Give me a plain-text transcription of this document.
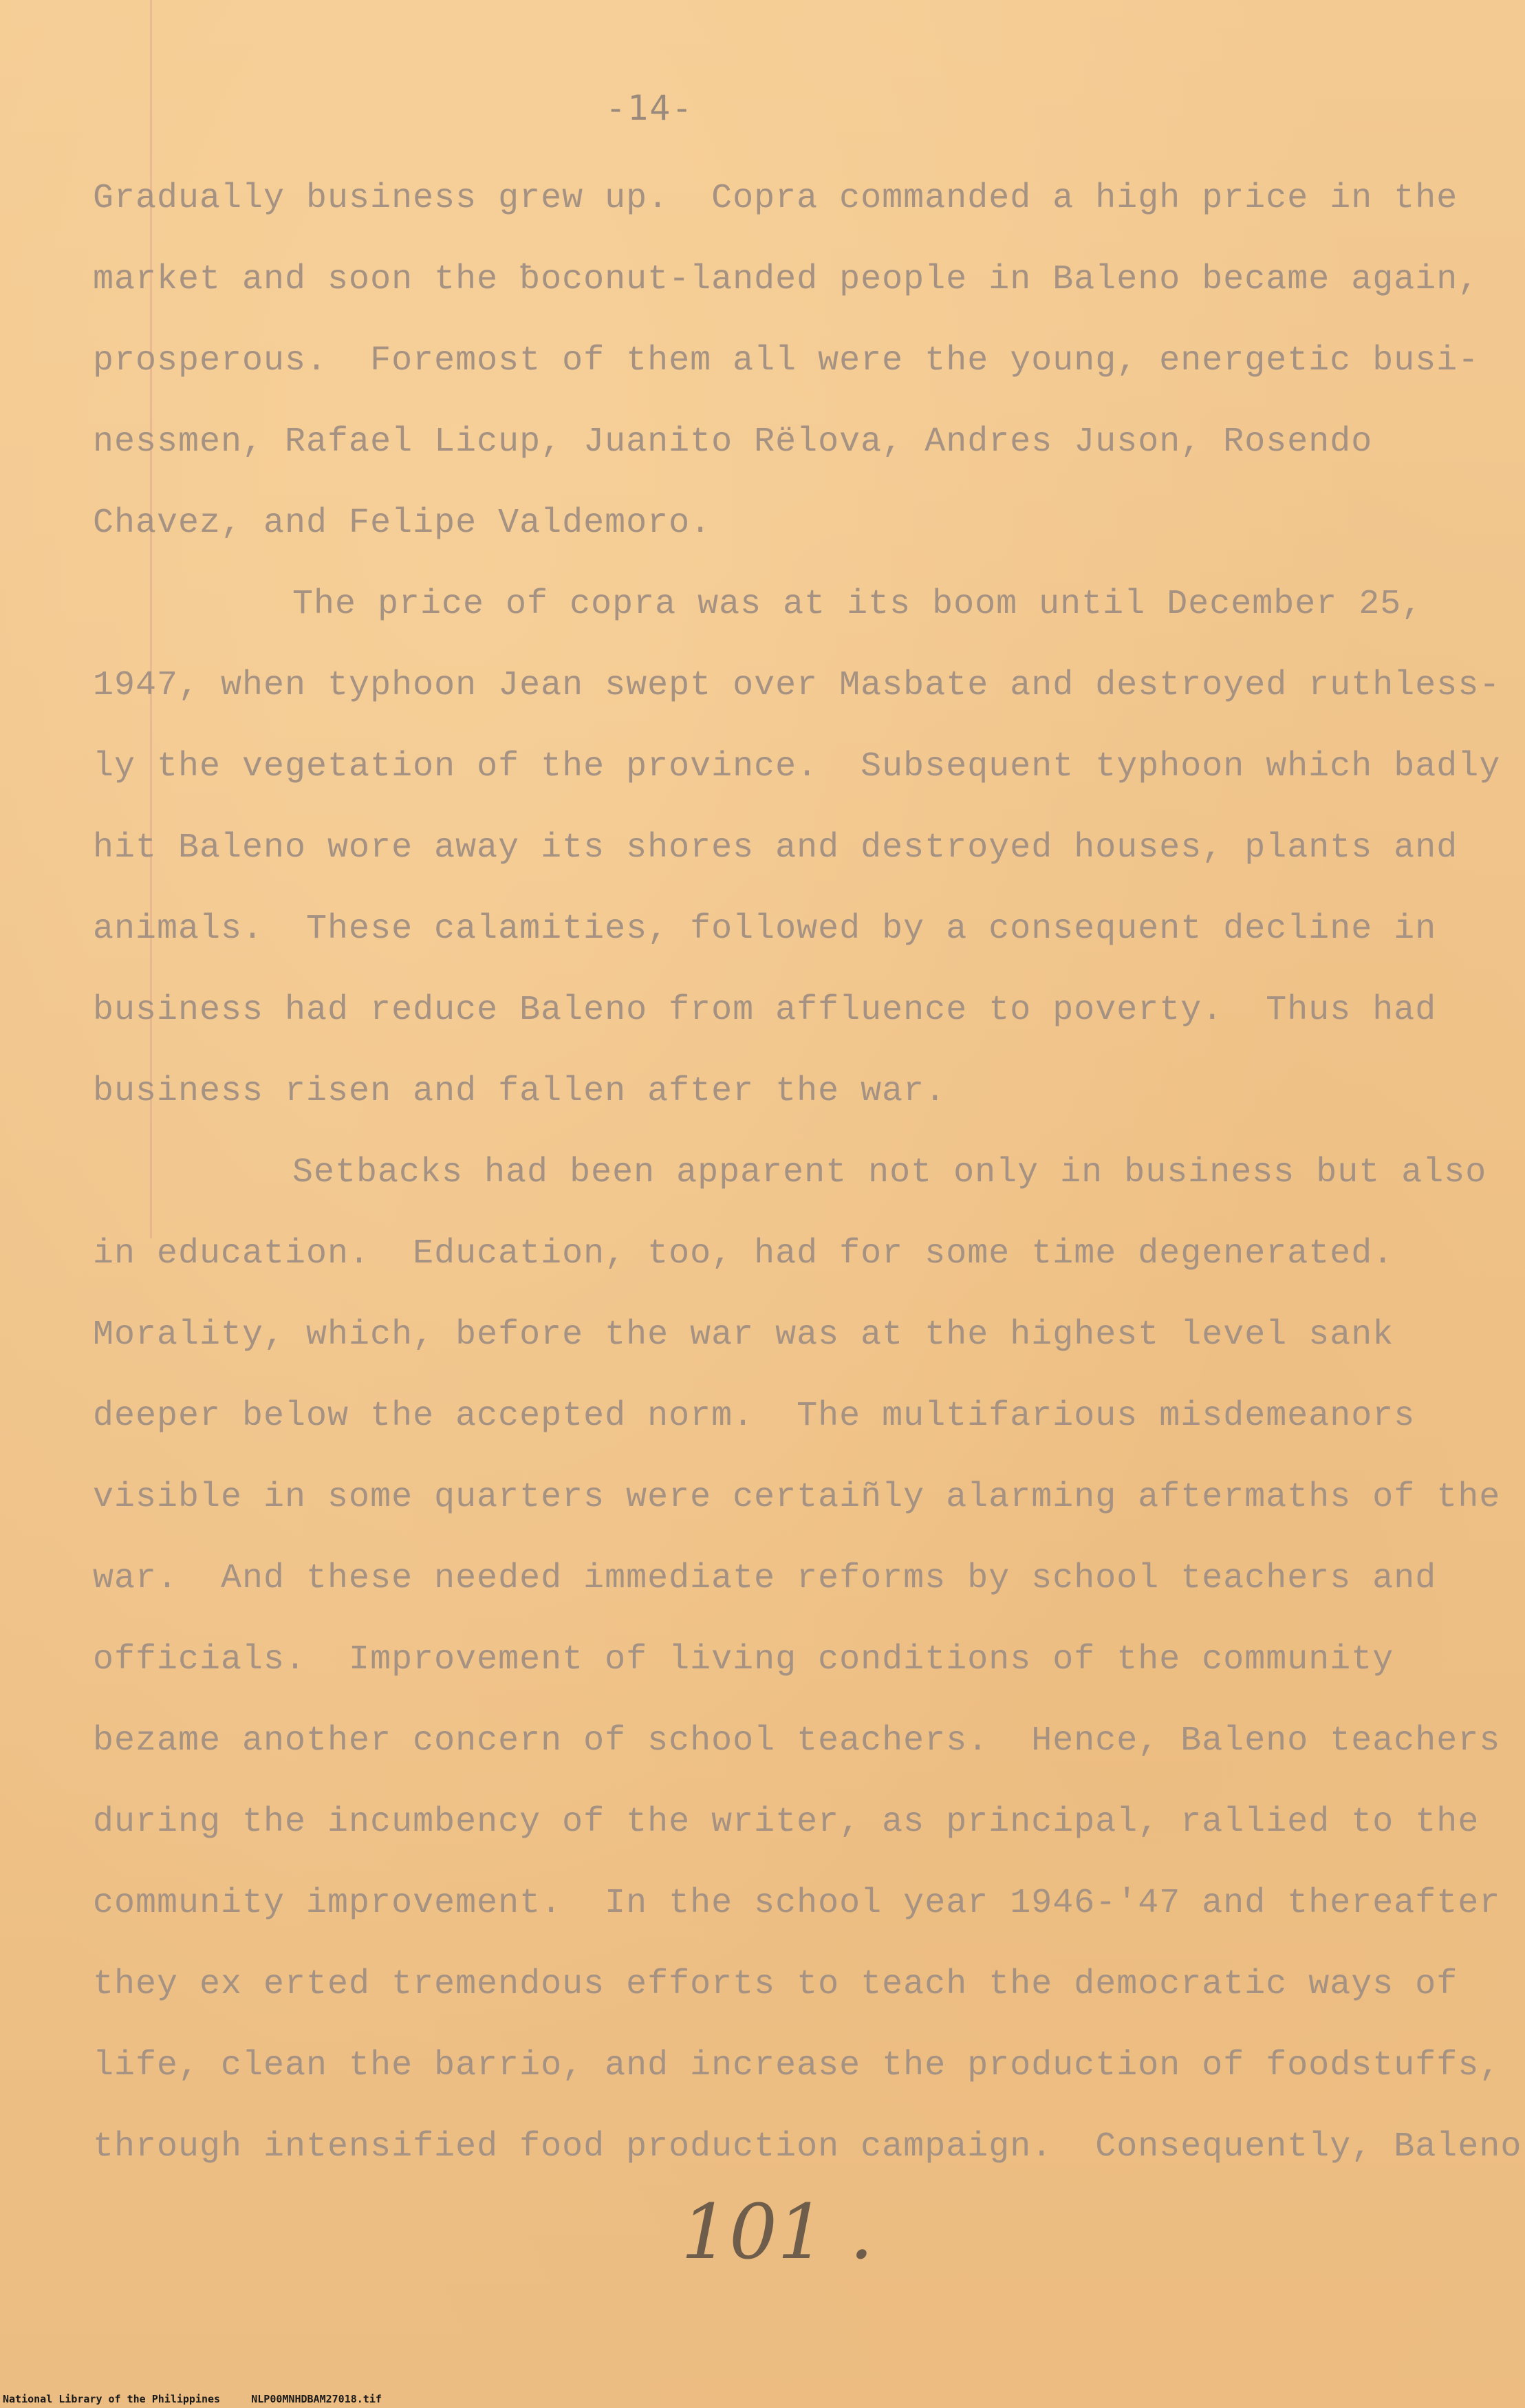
-14-
Gradually business grew up.  Copra commanded a high price in the
market and soon the ƀoconut-landed people in Baleno became again,
prosperous.  Foremost of them all were the young, energetic busi-
nessmen, Rafael Licup, Juanito Rëlova, Andres Juson, Rosendo
Chavez, and Felipe Valdemoro.
The price of copra was at its boom until December 25,
1947, when typhoon Jean swept over Masbate and destroyed ruthless-
ly the vegetation of the province.  Subsequent typhoon which badly
hit Baleno wore away its shores and destroyed houses, plants and
animals.  These calamities, followed by a consequent decline in
business had reduce Baleno from affluence to poverty.  Thus had
business risen and fallen after the war.
Setbacks had been apparent not only in business but also
in education.  Education, too, had for some time degenerated.
Morality, which, before the war was at the highest level sank
deeper below the accepted norm.  The multifarious misdemeanors
visible in some quarters were certaiñly alarming aftermaths of the
war.  And these needed immediate reforms by school teachers and
officials.  Improvement of living conditions of the community
bezame another concern of school teachers.  Hence, Baleno teachers
during the incumbency of the writer, as principal, rallied to the
community improvement.  In the school year 1946-'47 and thereafter
they ex erted tremendous efforts to teach the democratic ways of
life, clean the barrio, and increase the production of foodstuffs,
through intensified food production campaign.  Consequently, Baleno
101 .
National Library of the Philippines     NLP00MNHDBAM27018.tif
